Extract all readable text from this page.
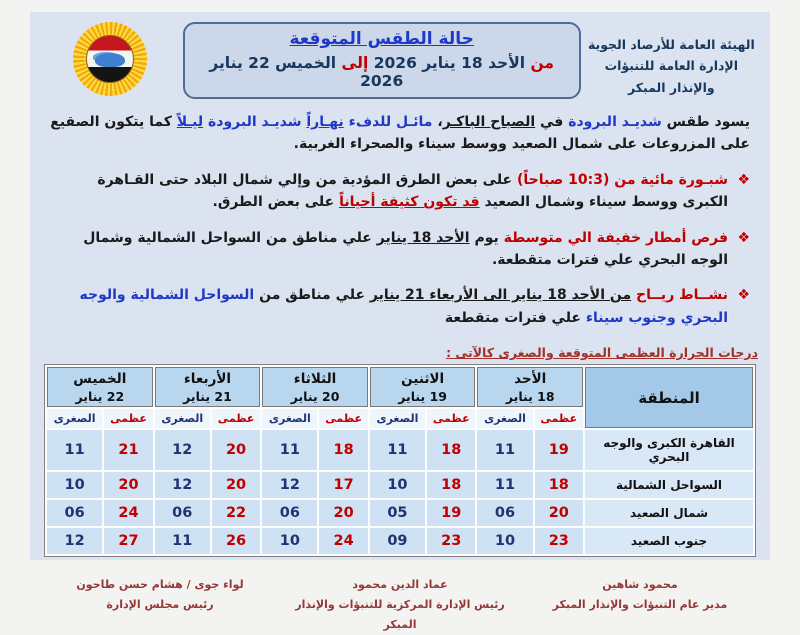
الهيئة العامة للأرصاد الجوية
الإدارة العامة للتنبؤات والإنذار المبكر
حالة الطقس المتوقعة
من الأحد 18 يناير 2026 إلى الخميس 22 يناير 2026
يسود طقس شديـد البرودة في الصباح الباكـر، مائـل للدفء نهـاراً شديـد البرودة ليـلاً كما يتكون الصقيع على المزروعات على شمال الصعيد ووسط سيناء والصحراء الغربية.
❖
شبـورة مائية من (10:3 صباحاً) على بعض الطرق المؤدية من وإلي شمال البلاد حتى القـاهرة الكبرى ووسط سيناء وشمال الصعيد قد تكون كثيفة أحياناً على بعض الطرق.
❖
فرص أمطار خفيفة الي متوسطة يوم الأحد 18 يناير علي مناطق من السواحل الشمالية وشمال الوجه البحري علي فترات متقطعة.
❖
نشــاط ريــاح من الأحد 18 يناير الى الأربعاء 21 يناير علي مناطق من السواحل الشمالية والوجه البحري وجنوب سيناء علي فترات متقطعة
درجات الحرارة العظمى المتوقعة والصغرى كالآتى :
المنطقة	
الأحد
18 يناير

الاثنين
19 يناير

الثلاثاء
20 يناير

الأربعاء
21 يناير

الخميس
22 يناير

	عظمى	الصغرى	عظمى	الصغرى	عظمى	الصغرى	عظمى	الصغرى	عظمى	الصغرى
القاهرة الكبرى والوجه البحري	19	11	18	11	18	11	20	12	21	11
السواحل الشمالية	18	11	18	10	17	12	20	12	20	10
شمال الصعيد	20	06	19	05	20	06	22	06	24	06
جنوب الصعيد	23	10	23	09	24	10	26	11	27	12
محمود شاهين
مدير عام التنبؤات والإنذار المبكر
عماد الدين محمود
رئيس الإدارة المركزية للتنبؤات والإنذار المبكر
لواء جوى / هشام حسن طاحون
رئيس مجلس الإدارة
